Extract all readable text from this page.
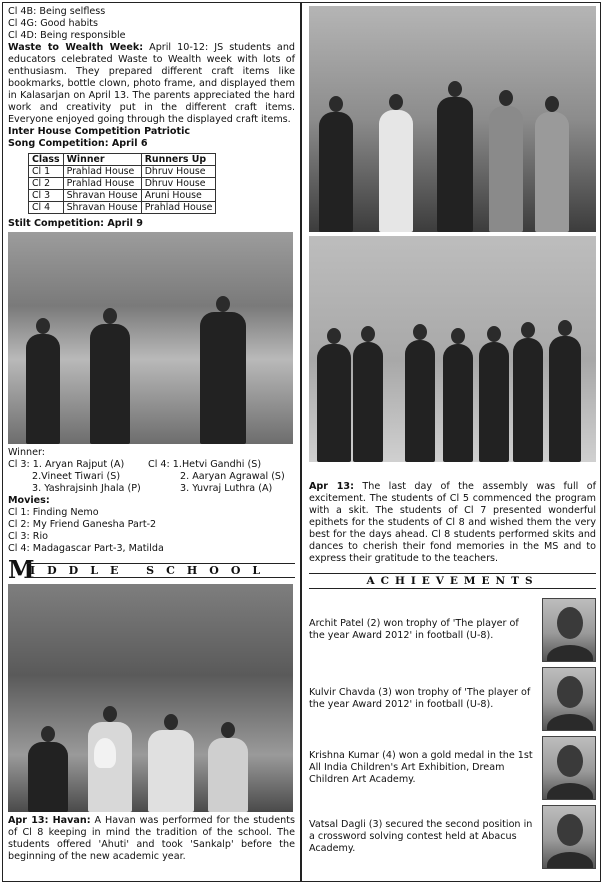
Cl 4B: Being selfless
Cl 4G: Good habits
Cl 4D: Being responsible
Waste to Wealth Week: April 10-12: JS students and educators celebrated Waste to Wealth week with lots of enthusiasm. They prepared different craft items like bookmarks, bottle clown, photo frame, and displayed them in Kalasarjan on April 13. The parents appreciated the hard work and creativity put in the different craft items. Everyone enjoyed going through the displayed craft items.
Inter House Competition Patriotic
Song Competition: April 6
Class	Winner	Runners Up
Cl 1	Prahlad House	Dhruv House
Cl 2	Prahlad House	Dhruv House
Cl 3	Shravan House	Aruni House
Cl 4	Shravan House	Prahlad House
Stilt Competition: April 9
Winner:
Cl 3: 1. Aryan Rajput (A)
2.Vineet Tiwari (S)
3. Yashrajsinh Jhala (P)
Cl 4: 1.Hetvi Gandhi (S)
2. Aaryan Agrawal (S)
3. Yuvraj Luthra (A)
Movies:
Cl 1: Finding Nemo
Cl 2: My Friend Ganesha Part-2
Cl 3: Rio
Cl 4: Madagascar Part-3, Matilda
M
IDDLE SCHOOL
Apr 13: Havan: A Havan was performed for the students of Cl 8 keeping in mind the tradition of the school. The students offered 'Ahuti' and took 'Sankalp' before the beginning of the new academic year.
Apr 13: The last day of the assembly was full of excitement. The students of Cl 5 commenced the program with a skit. The students of Cl 7 presented wonderful epithets for the students of Cl 8 and wished them the very best for the days ahead. Cl 8 students performed skits and dances to cherish their fond memories in the MS and to express their gratitude to the teachers.
ACHIEVEMENTS
Archit Patel (2) won trophy of 'The player of the year Award 2012' in football (U-8).
Kulvir Chavda (3) won trophy of 'The player of the year Award 2012' in football (U-8).
Krishna Kumar (4) won a gold medal in the 1st All India Children's Art Exhibition, Dream Children Art Academy.
Vatsal Dagli (3) secured the second position in a crossword solving contest held at Abacus Academy.
